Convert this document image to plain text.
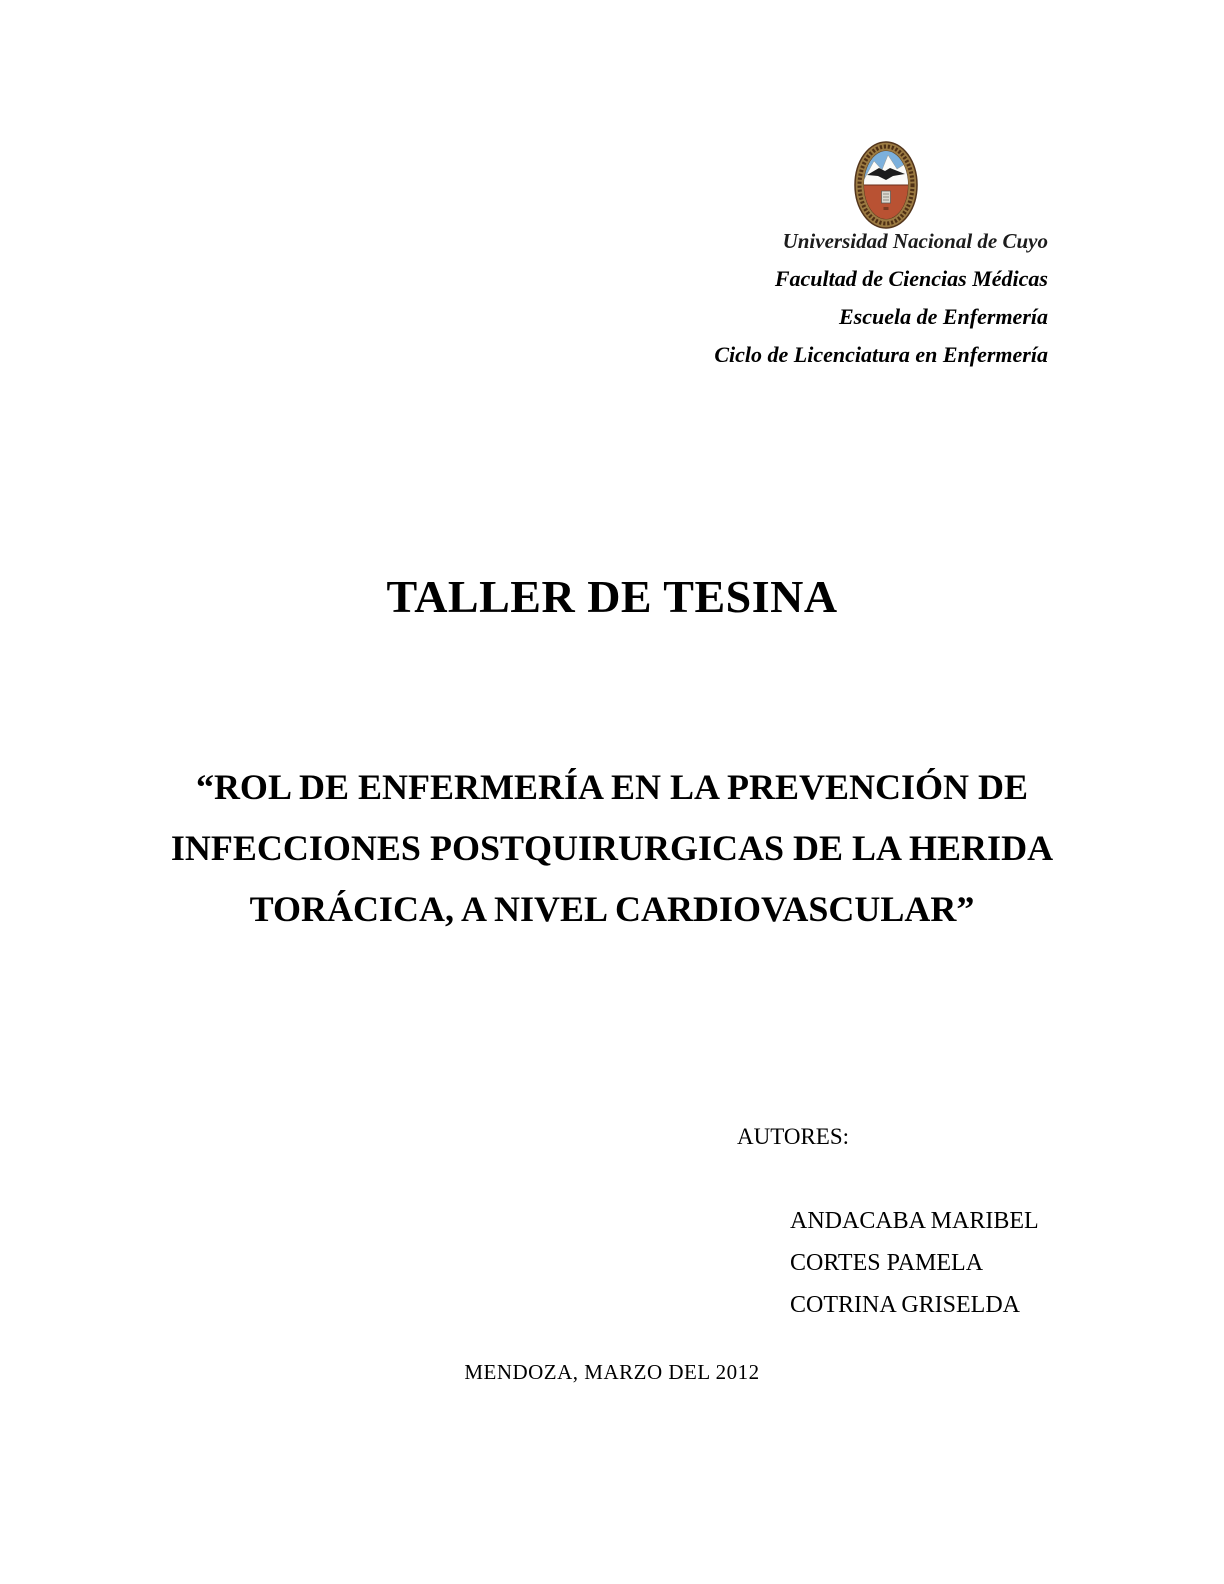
Universidad Nacional de Cuyo
Facultad de Ciencias Médicas
Escuela de Enfermería
Ciclo de Licenciatura en Enfermería
TALLER DE TESINA
“ROL DE ENFERMERÍA EN LA PREVENCIÓN DE
INFECCIONES POSTQUIRURGICAS DE LA HERIDA
TORÁCICA, A NIVEL CARDIOVASCULAR”
AUTORES:
ANDACABA MARIBEL
CORTES PAMELA
COTRINA GRISELDA
MENDOZA, MARZO DEL 2012
